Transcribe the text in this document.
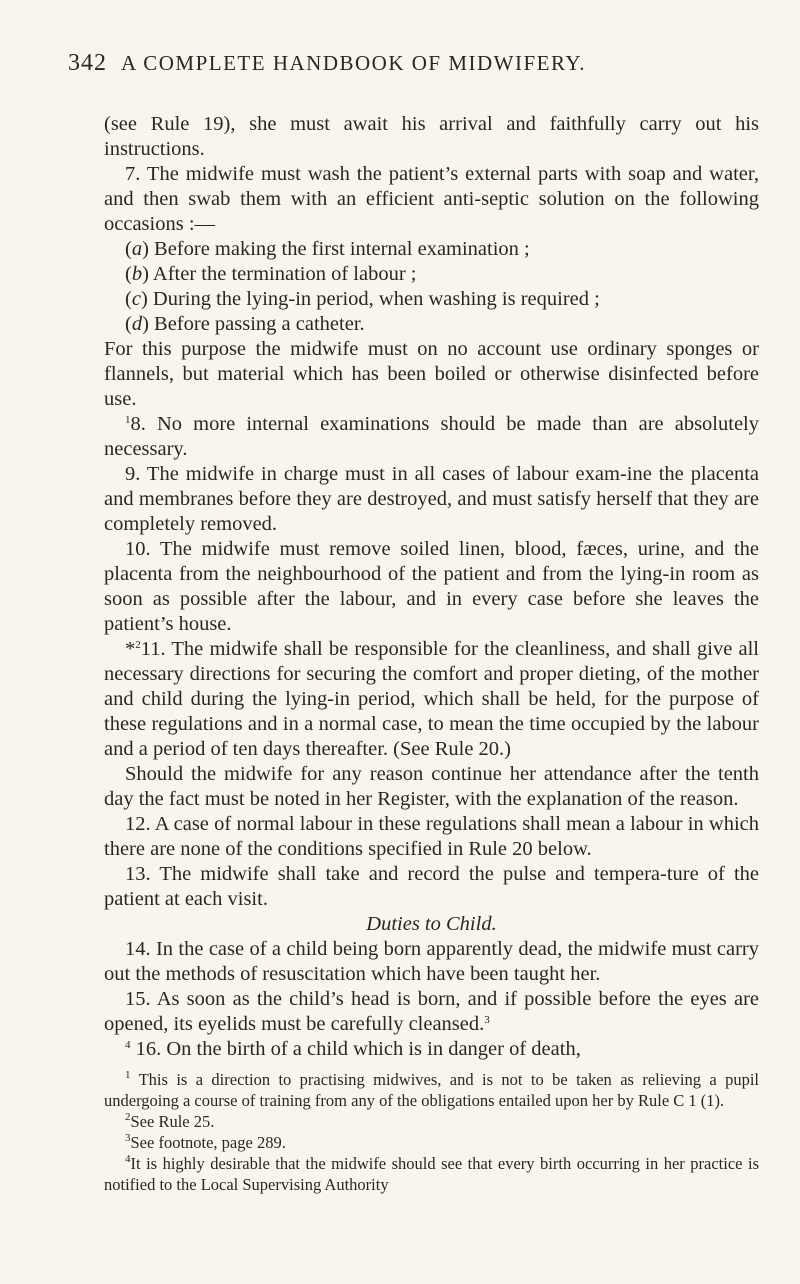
342 A COMPLETE HANDBOOK OF MIDWIFERY.

(see Rule 19), she must await his arrival and faithfully carry out his instructions.

7. The midwife must wash the patient’s external parts with soap and water, and then swab them with an efficient anti-septic solution on the following occasions :—

(a) Before making the first internal examination ;

(b) After the termination of labour ;

(c) During the lying-in period, when washing is required ;

(d) Before passing a catheter.

For this purpose the midwife must on no account use ordinary sponges or flannels, but material which has been boiled or otherwise disinfected before use.

$^1$8. No more internal examinations should be made than are absolutely necessary.

9. The midwife in charge must in all cases of labour exam-ine the placenta and membranes before they are destroyed, and must satisfy herself that they are completely removed.

10. The midwife must remove soiled linen, blood, fæces, urine, and the placenta from the neighbourhood of the patient and from the lying-in room as soon as possible after the labour, and in every case before she leaves the patient’s house.

*$^2$11. The midwife shall be responsible for the cleanliness, and shall give all necessary directions for securing the comfort and proper dieting, of the mother and child during the lying-in period, which shall be held, for the purpose of these regulations and in a normal case, to mean the time occupied by the labour and a period of ten days thereafter. (See Rule 20.)

Should the midwife for any reason continue her attendance after the tenth day the fact must be noted in her Register, with the explanation of the reason.

12. A case of normal labour in these regulations shall mean a labour in which there are none of the conditions specified in Rule 20 below.

13. The midwife shall take and record the pulse and tempera-ture of the patient at each visit.

Duties to Child.

14. In the case of a child being born apparently dead, the midwife must carry out the methods of resuscitation which have been taught her.

15. As soon as the child’s head is born, and if possible before the eyes are opened, its eyelids must be carefully cleansed.$^3$

$^4$ 16. On the birth of a child which is in danger of death,

$^1$ This is a direction to practising midwives, and is not to be taken as relieving a pupil undergoing a course of training from any of the obligations entailed upon her by Rule C 1 (1).

$^2$See Rule 25.

$^3$See footnote, page 289.

$^4$It is highly desirable that the midwife should see that every birth occurring in her practice is notified to the Local Supervising Authority
